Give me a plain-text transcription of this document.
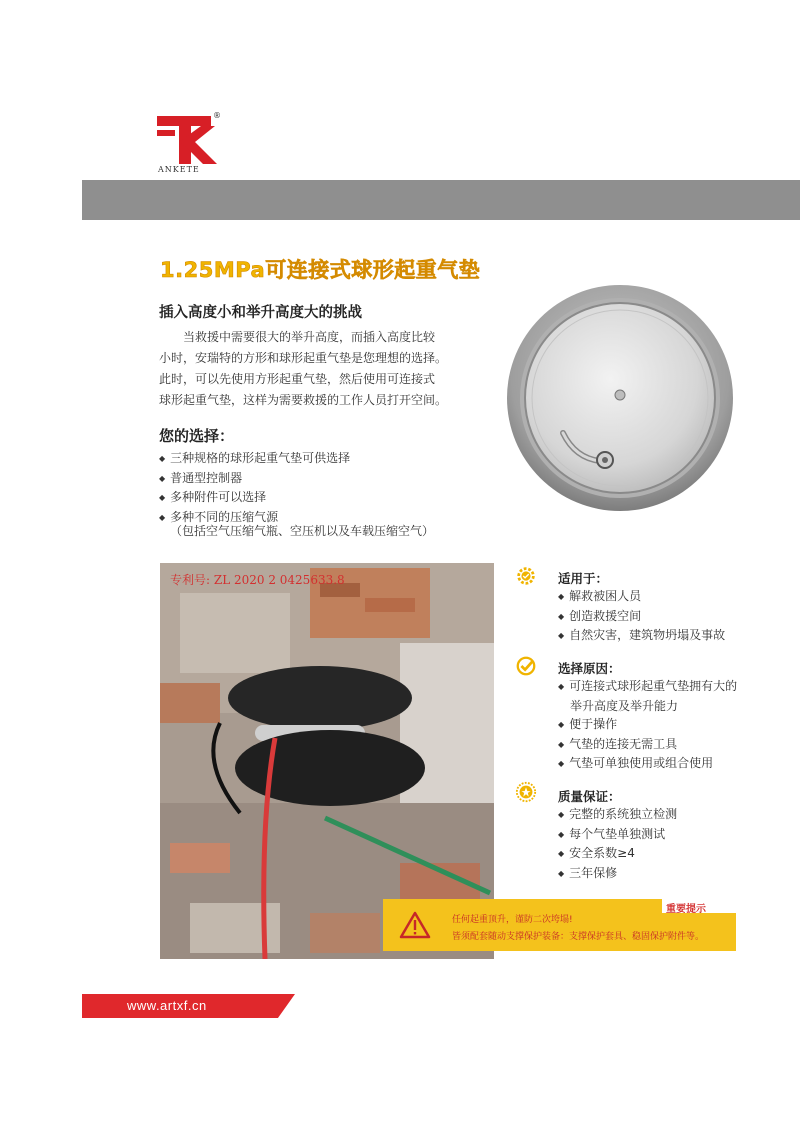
®
ANKETE
1.25MPa可连接式球形起重气垫
插入高度小和举升高度大的挑战

当救援中需要很大的举升高度，而插入高度比较

小时，安瑞特的方形和球形起重气垫是您理想的选择。

此时，可以先使用方形起重气垫，然后使用可连接式

球形起重气垫，这样为需要救援的工作人员打开空间。

您的选择：
◆ 三种规格的球形起重气垫可供选择
◆ 普通型控制器
◆ 多种附件可以选择
◆ 多种不同的压缩气源
（包括空气压缩气瓶、空压机以及车载压缩空气）
专利号: ZL 2020 2 0425633.8	适用于：
◆ 解救被困人员
◆ 创造救援空间
◆ 自然灾害，建筑物坍塌及事故
选择原因：
◆ 可连接式球形起重气垫拥有大的举升高度及举升能力
◆ 便于操作
◆ 气垫的连接无需工具
◆ 气垫可单独使用或组合使用
质量保证：
◆ 完整的系统独立检测
◆ 每个气垫单独测试
◆ 安全系数≥4
◆ 三年保修
重要提示
任何起重顶升，谨防二次垮塌!
皆须配套随动支撑保护装备：支撑保护套具、稳固保护附件等。
www.artxf.cn
